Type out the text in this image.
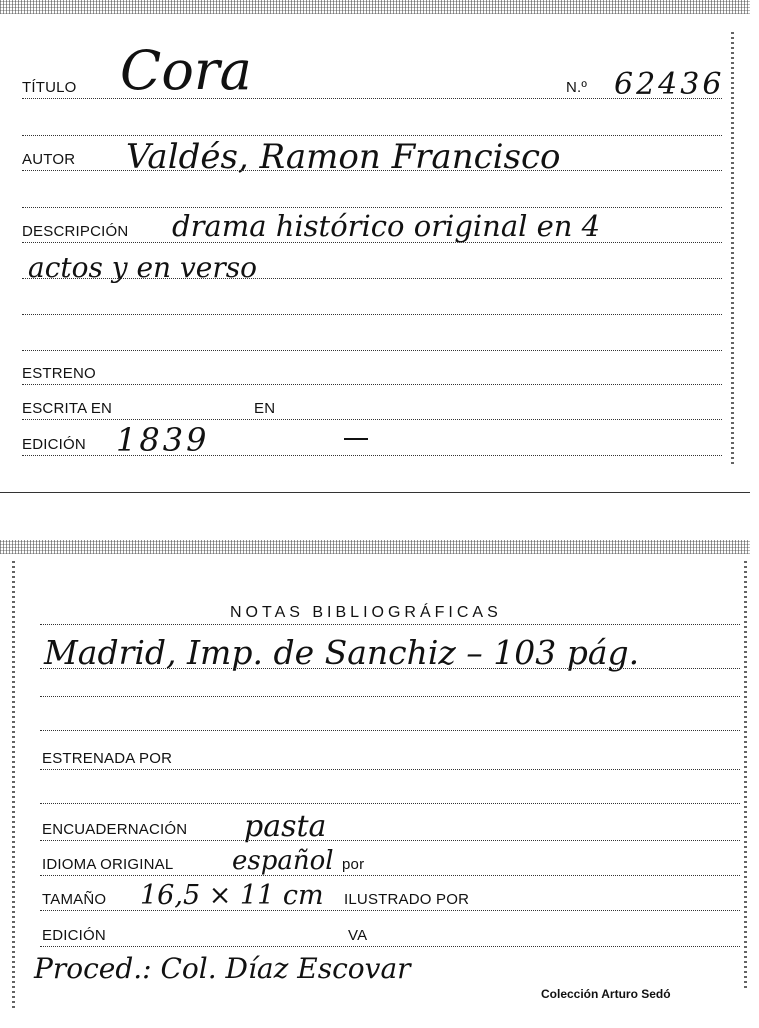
TÍTULO Cora	N.º 62436
AUTOR Valdés, Ramon Francisco
DESCRIPCIÓN drama histórico original en 4
actos y en verso
ESTRENO
ESCRITA EN	EN
EDICIÓN 1839
NOTAS BIBLIOGRÁFICAS
Madrid, Imp. de Sanchiz – 103 pág.
ESTRENADA POR
ENCUADERNACIÓN pasta
IDIOMA ORIGINAL español por
TAMAÑO 16,5 × 11 cm ILUSTRADO POR
EDICIÓN	VA
Proced.: Col. Díaz Escovar
Colección Arturo Sedó
